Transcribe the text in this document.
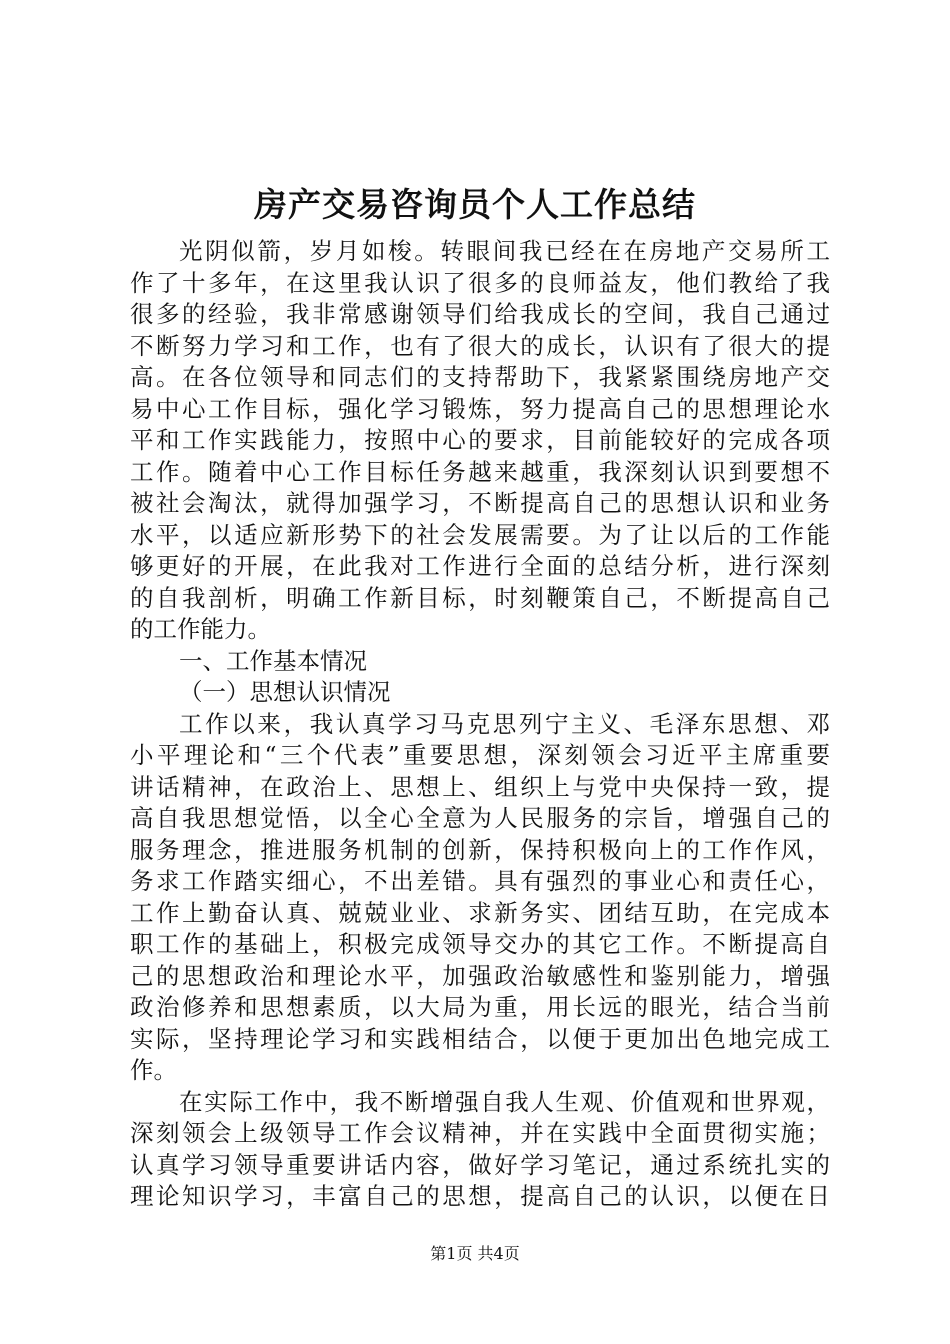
房产交易咨询员个人工作总结
光阴似箭，岁月如梭。转眼间我已经在在房地产交易所工
作了十多年，在这里我认识了很多的良师益友，他们教给了我
很多的经验，我非常感谢领导们给我成长的空间，我自己通过
不断努力学习和工作，也有了很大的成长，认识有了很大的提
高。在各位领导和同志们的支持帮助下，我紧紧围绕房地产交
易中心工作目标，强化学习锻炼，努力提高自己的思想理论水
平和工作实践能力，按照中心的要求，目前能较好的完成各项
工作。随着中心工作目标任务越来越重，我深刻认识到要想不
被社会淘汰，就得加强学习，不断提高自己的思想认识和业务
水平，以适应新形势下的社会发展需要。为了让以后的工作能
够更好的开展，在此我对工作进行全面的总结分析，进行深刻
的自我剖析，明确工作新目标，时刻鞭策自己，不断提高自己
的工作能力。
一、工作基本情况
（一）思想认识情况
工作以来，我认真学习马克思列宁主义、毛泽东思想、邓
小平理论和“三个代表”重要思想，深刻领会习近平主席重要
讲话精神，在政治上、思想上、组织上与党中央保持一致，提
高自我思想觉悟，以全心全意为人民服务的宗旨，增强自己的
服务理念，推进服务机制的创新，保持积极向上的工作作风，
务求工作踏实细心，不出差错。具有强烈的事业心和责任心，
工作上勤奋认真、兢兢业业、求新务实、团结互助，在完成本
职工作的基础上，积极完成领导交办的其它工作。不断提高自
己的思想政治和理论水平，加强政治敏感性和鉴别能力，增强
政治修养和思想素质，以大局为重，用长远的眼光，结合当前
实际，坚持理论学习和实践相结合，以便于更加出色地完成工
作。
在实际工作中，我不断增强自我人生观、价值观和世界观，
深刻领会上级领导工作会议精神，并在实践中全面贯彻实施；
认真学习领导重要讲话内容，做好学习笔记，通过系统扎实的
理论知识学习，丰富自己的思想，提高自己的认识，以便在日
第1页 共4页
